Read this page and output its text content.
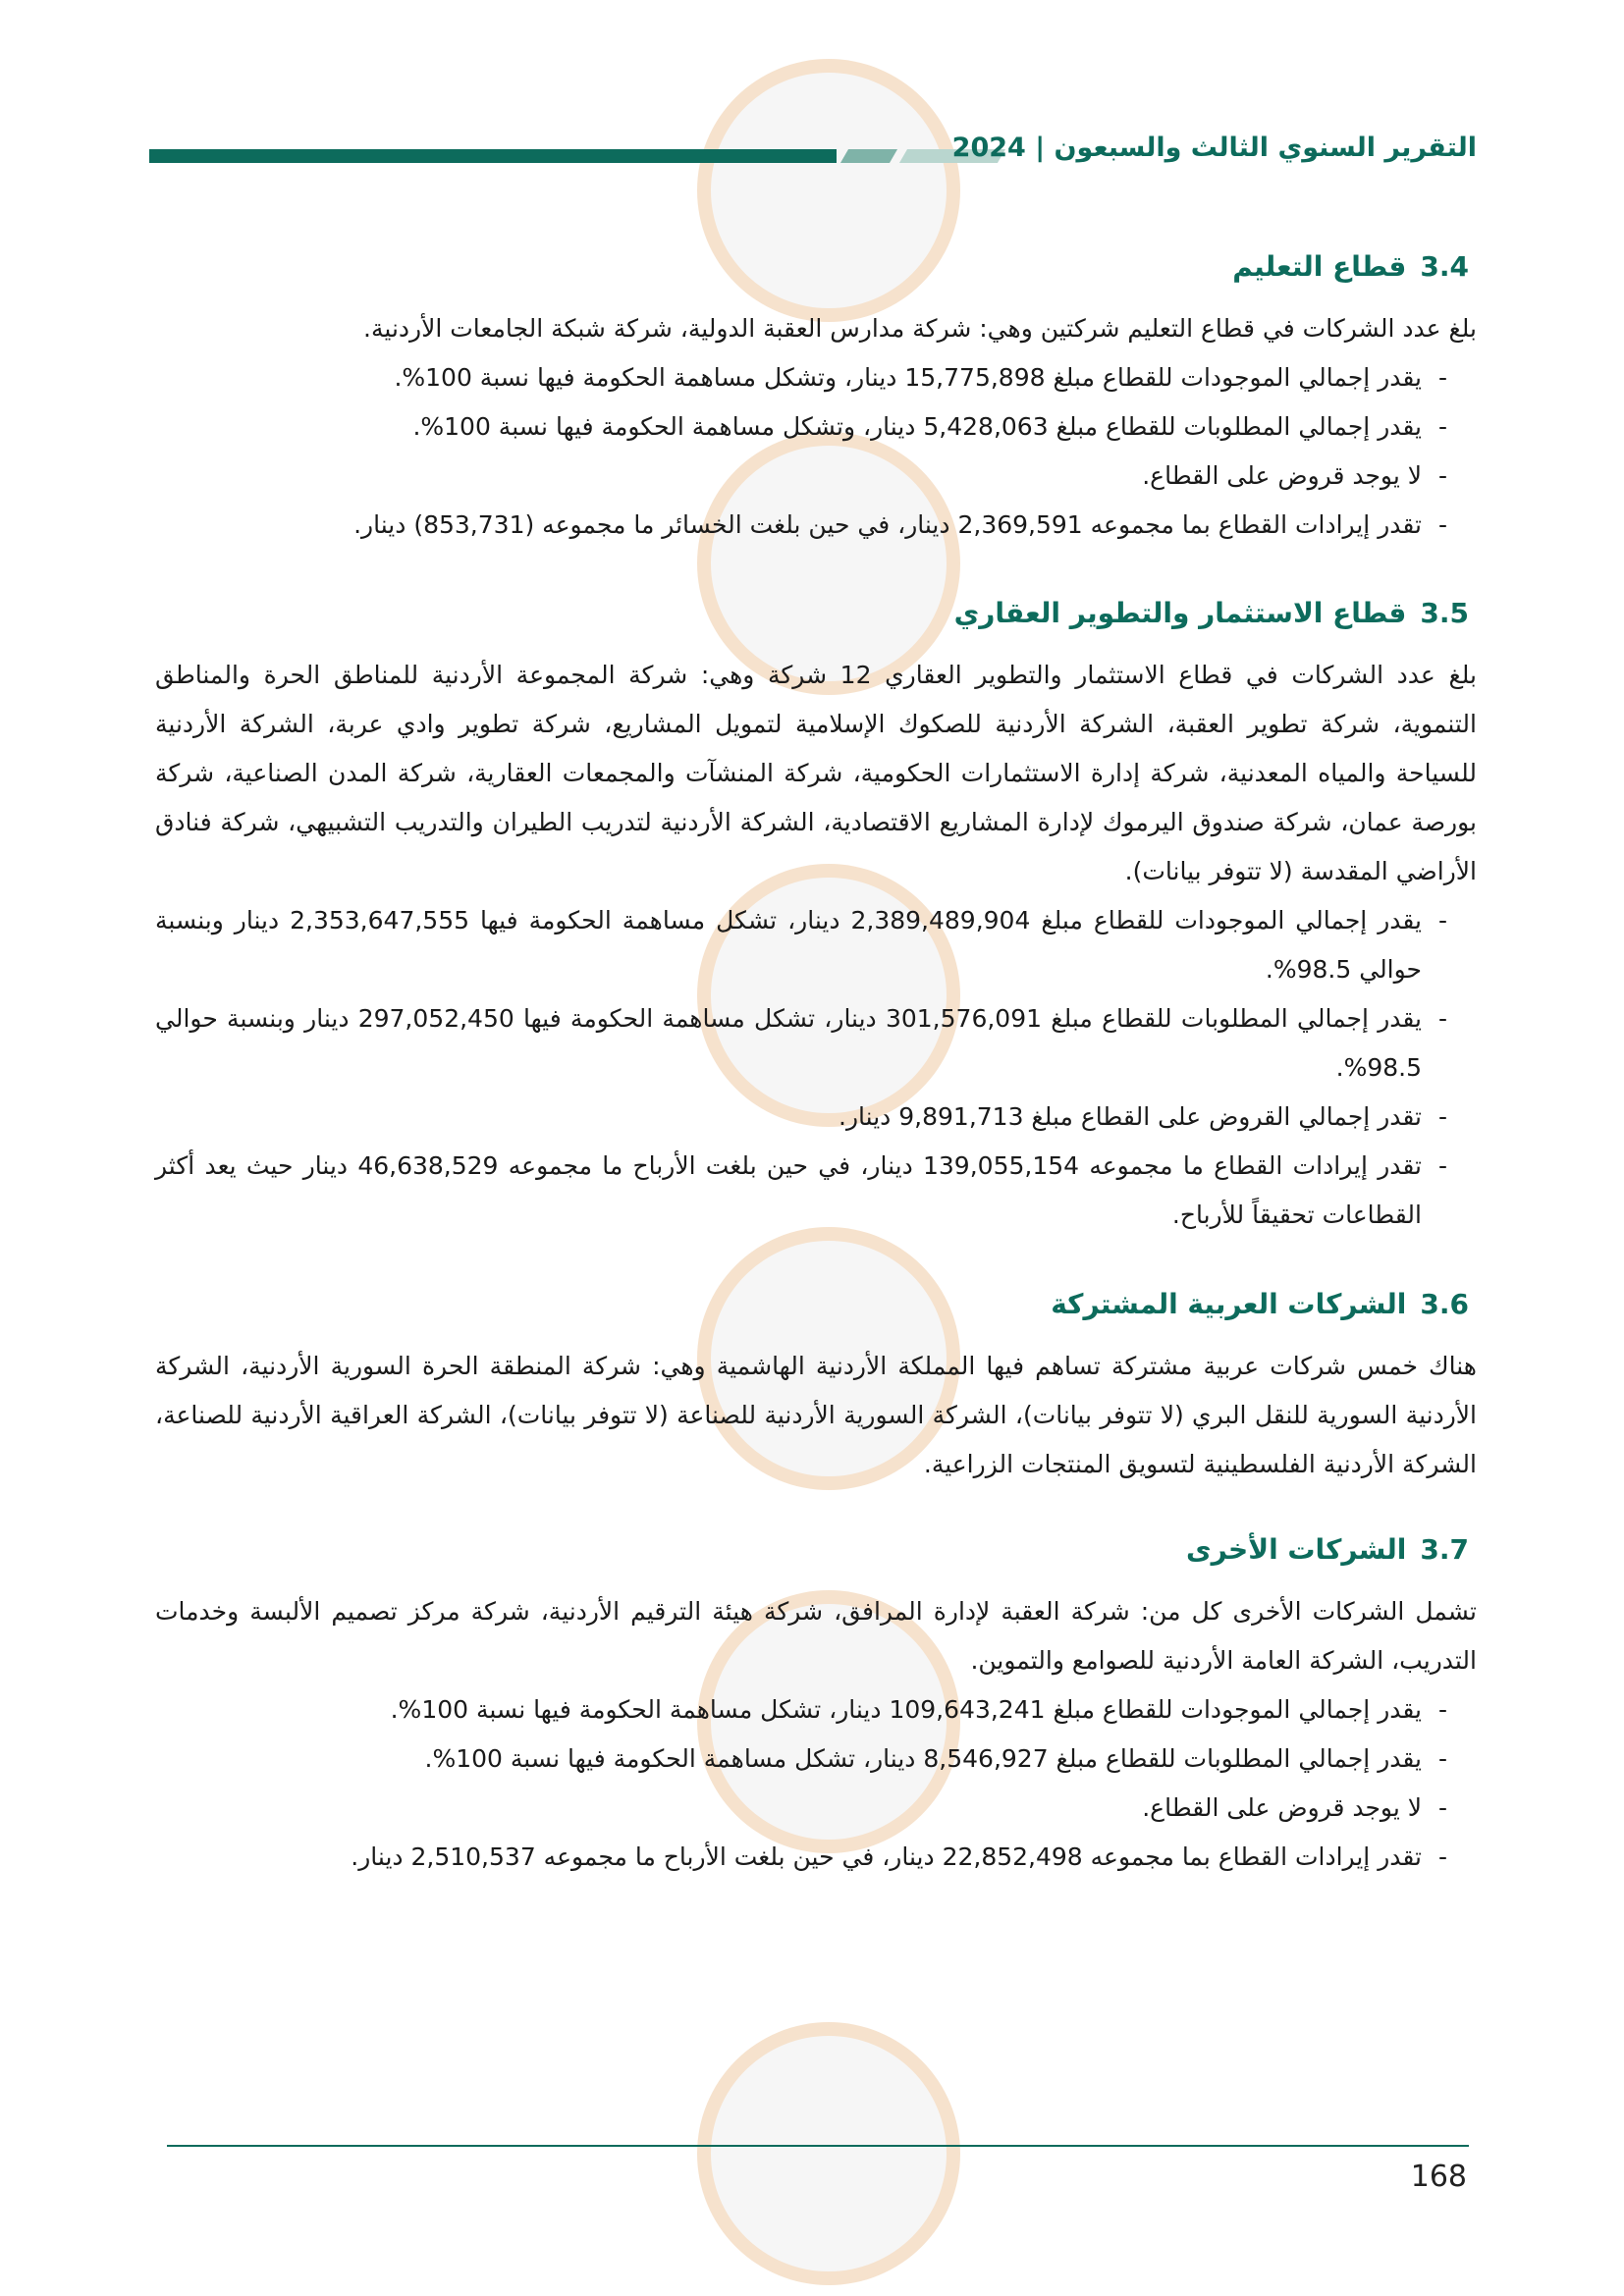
التقرير السنوي الثالث والسبعون | 2024
3.4قطاع التعليم

بلغ عدد الشركات في قطاع التعليم شركتين وهي: شركة مدارس العقبة الدولية، شركة شبكة الجامعات الأردنية.

- يقدر إجمالي الموجودات للقطاع مبلغ 15,775,898 دينار، وتشكل مساهمة الحكومة فيها نسبة 100%.
- يقدر إجمالي المطلوبات للقطاع مبلغ 5,428,063 دينار، وتشكل مساهمة الحكومة فيها نسبة 100%.
- لا يوجد قروض على القطاع.
- تقدر إيرادات القطاع بما مجموعه 2,369,591 دينار، في حين بلغت الخسائر ما مجموعه (853,731) دينار.
3.5قطاع الاستثمار والتطوير العقاري

بلغ عدد الشركات في قطاع الاستثمار والتطوير العقاري 12 شركة وهي: شركة المجموعة الأردنية للمناطق الحرة والمناطق التنموية، شركة تطوير العقبة، الشركة الأردنية للصكوك الإسلامية لتمويل المشاريع، شركة تطوير وادي عربة، الشركة الأردنية للسياحة والمياه المعدنية، شركة إدارة الاستثمارات الحكومية، شركة المنشآت والمجمعات العقارية، شركة المدن الصناعية، شركة بورصة عمان، شركة صندوق اليرموك لإدارة المشاريع الاقتصادية، الشركة الأردنية لتدريب الطيران والتدريب التشبيهي، شركة فنادق الأراضي المقدسة (لا تتوفر بيانات).

- يقدر إجمالي الموجودات للقطاع مبلغ 2,389,489,904 دينار، تشكل مساهمة الحكومة فيها 2,353,647,555 دينار وبنسبة حوالي 98.5%.
- يقدر إجمالي المطلوبات للقطاع مبلغ 301,576,091 دينار، تشكل مساهمة الحكومة فيها 297,052,450 دينار وبنسبة حوالي 98.5%.
- تقدر إجمالي القروض على القطاع مبلغ 9,891,713 دينار.
- تقدر إيرادات القطاع ما مجموعه 139,055,154 دينار، في حين بلغت الأرباح ما مجموعه 46,638,529 دينار حيث يعد أكثر القطاعات تحقيقاً للأرباح.
3.6الشركات العربية المشتركة

هناك خمس شركات عربية مشتركة تساهم فيها المملكة الأردنية الهاشمية وهي: شركة المنطقة الحرة السورية الأردنية، الشركة الأردنية السورية للنقل البري (لا تتوفر بيانات)، الشركة السورية الأردنية للصناعة (لا تتوفر بيانات)، الشركة العراقية الأردنية للصناعة، الشركة الأردنية الفلسطينية لتسويق المنتجات الزراعية.

3.7الشركات الأخرى

تشمل الشركات الأخرى كل من: شركة العقبة لإدارة المرافق، شركة هيئة الترقيم الأردنية، شركة مركز تصميم الألبسة وخدمات التدريب، الشركة العامة الأردنية للصوامع والتموين.

- يقدر إجمالي الموجودات للقطاع مبلغ 109,643,241 دينار، تشكل مساهمة الحكومة فيها نسبة 100%.
- يقدر إجمالي المطلوبات للقطاع مبلغ 8,546,927 دينار، تشكل مساهمة الحكومة فيها نسبة 100%.
- لا يوجد قروض على القطاع.
- تقدر إيرادات القطاع بما مجموعه 22,852,498 دينار، في حين بلغت الأرباح ما مجموعه 2,510,537 دينار.
168
